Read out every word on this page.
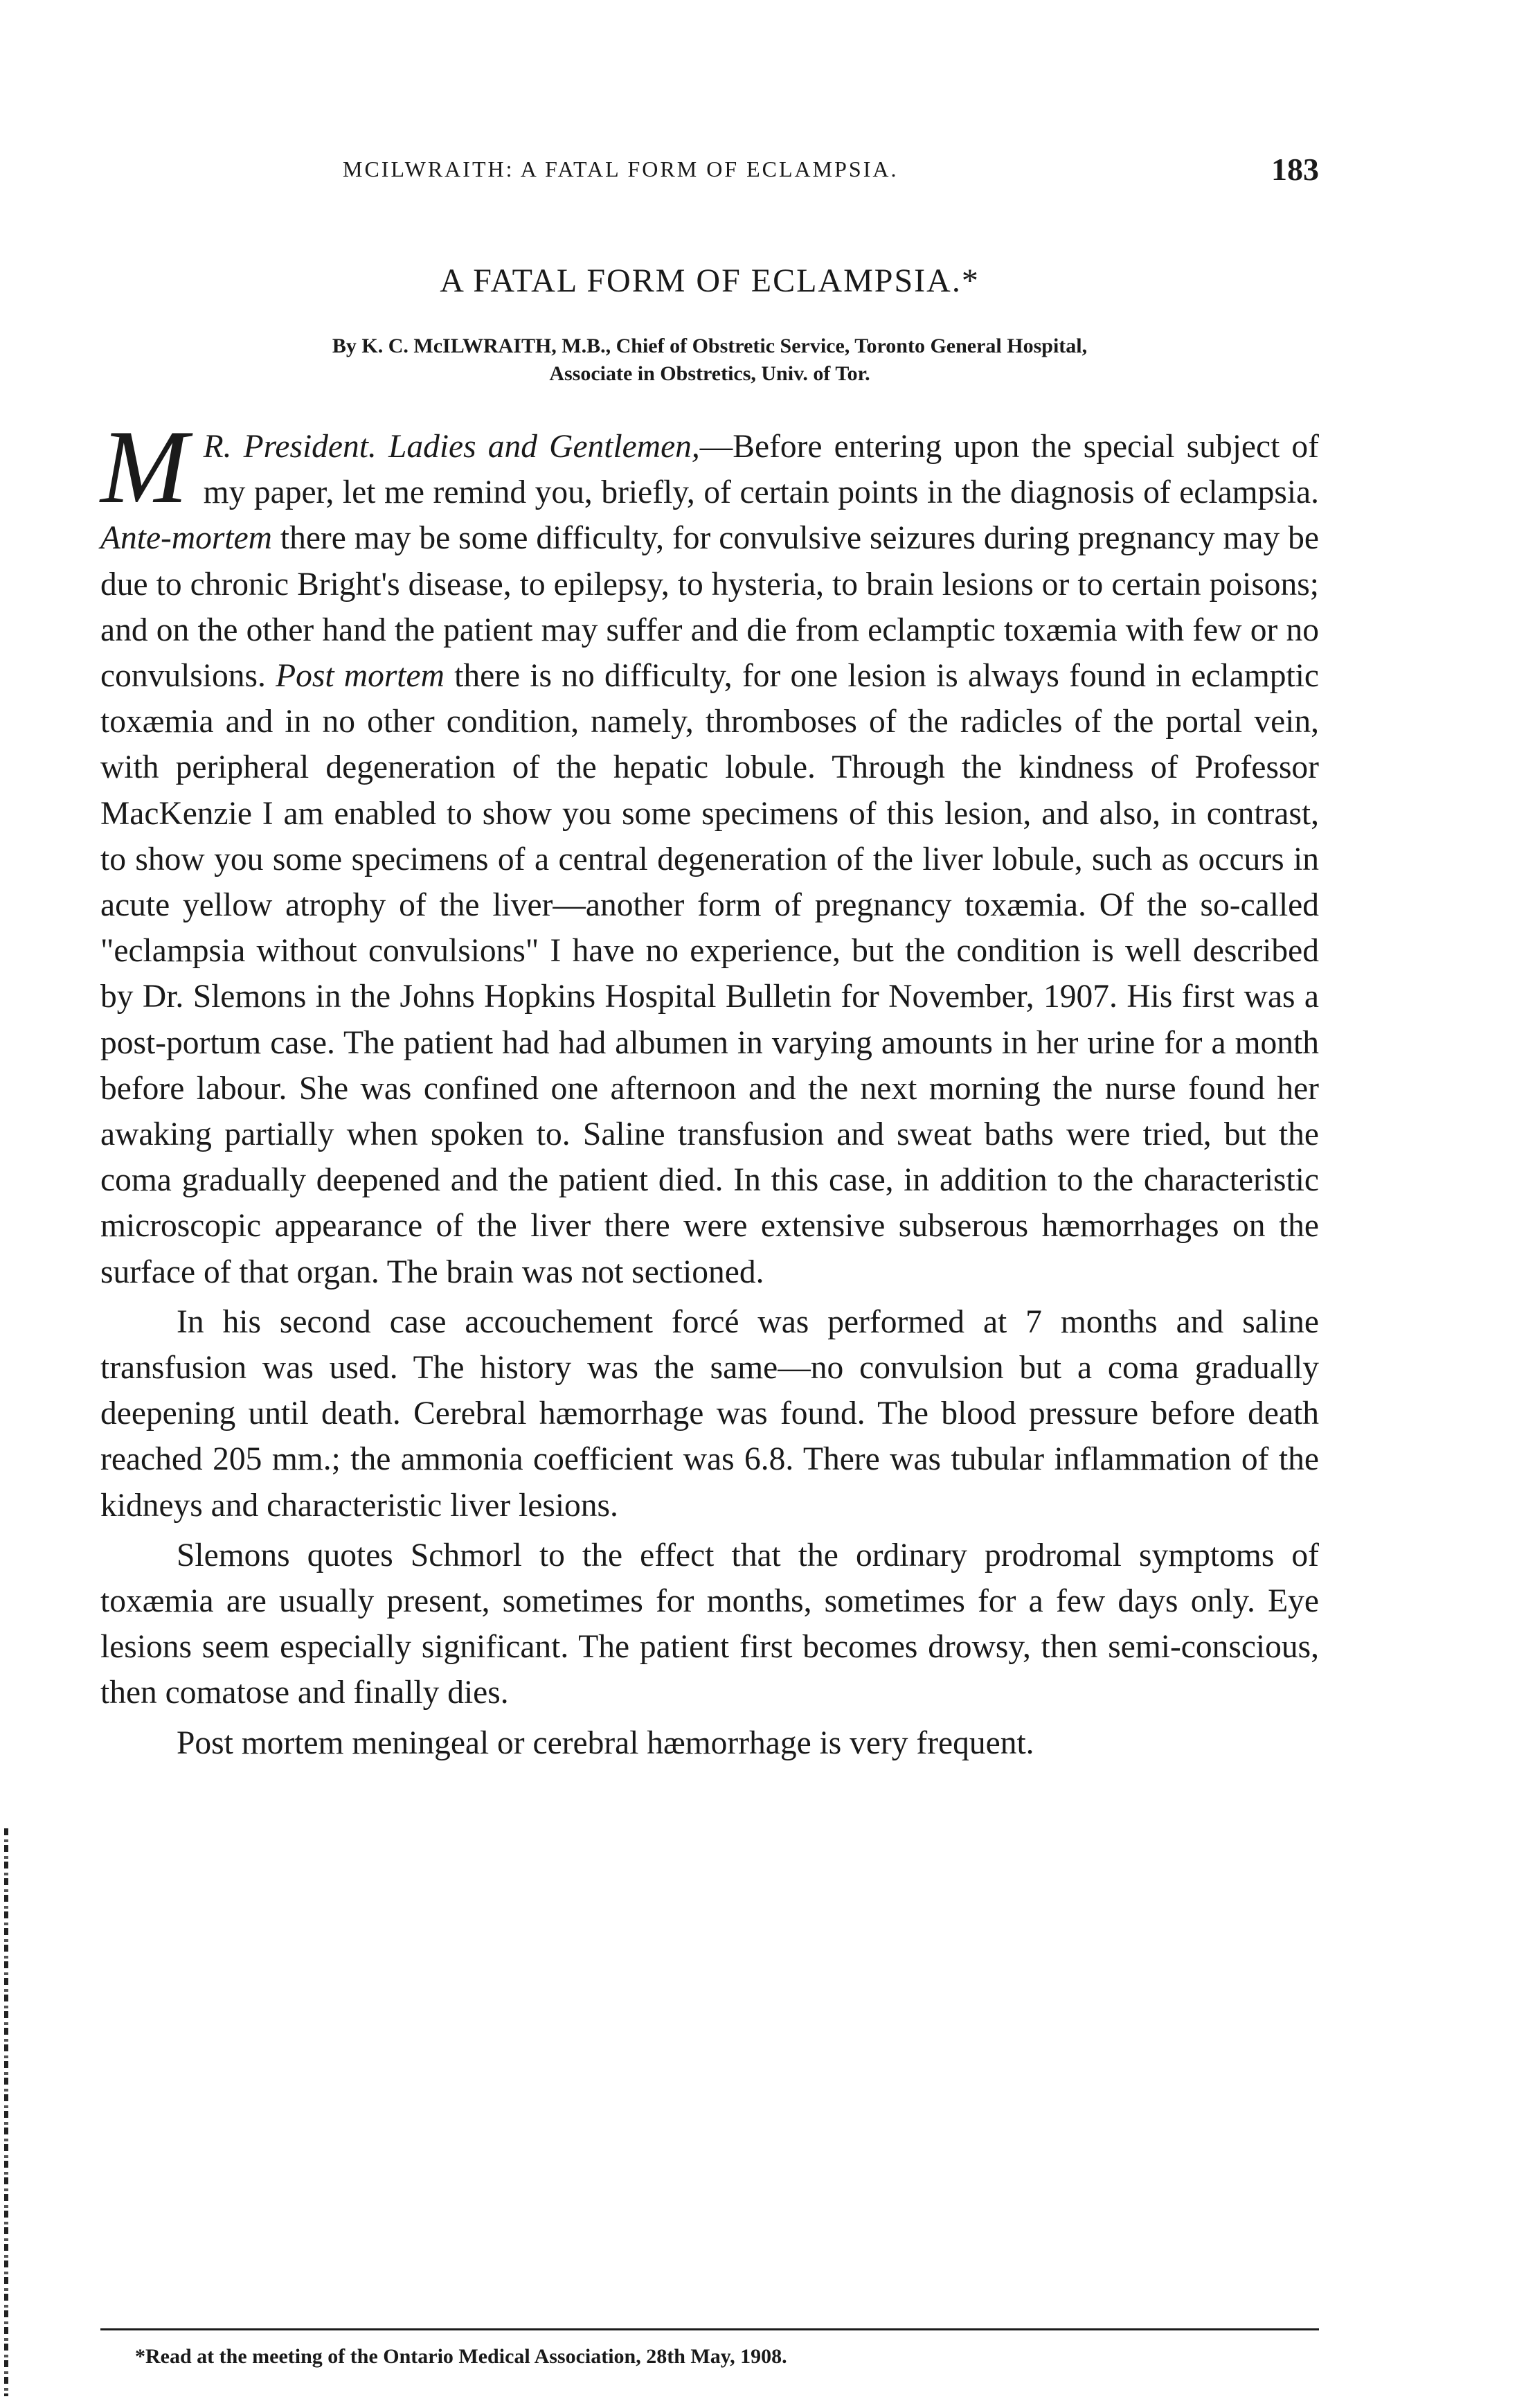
MCILWRAITH: A FATAL FORM OF ECLAMPSIA.	183
A FATAL FORM OF ECLAMPSIA.*
By K. C. McILWRAITH, M.B., Chief of Obstretic Service, Toronto General Hospital,
Associate in Obstretics, Univ. of Tor.

M R. President. Ladies and Gentlemen,—Before entering upon the special subject of my paper, let me remind you, briefly, of certain points in the diagnosis of eclampsia. Ante-mortem there may be some difficulty, for convulsive seizures during pregnancy may be due to chronic Bright's disease, to epilepsy, to hysteria, to brain lesions or to certain poisons; and on the other hand the patient may suffer and die from eclamptic toxæmia with few or no convulsions. Post mortem there is no difficulty, for one lesion is always found in eclamptic toxæmia and in no other condition, namely, thromboses of the radicles of the portal vein, with peripheral degeneration of the hepatic lobule. Through the kindness of Professor MacKenzie I am enabled to show you some specimens of this lesion, and also, in contrast, to show you some specimens of a central degeneration of the liver lobule, such as occurs in acute yellow atrophy of the liver—another form of pregnancy toxæmia. Of the so-called "eclampsia without convulsions" I have no experience, but the condition is well described by Dr. Slemons in the Johns Hopkins Hospital Bulletin for November, 1907. His first was a post-portum case. The patient had had albumen in varying amounts in her urine for a month before labour. She was confined one afternoon and the next morning the nurse found her awaking partially when spoken to. Saline transfusion and sweat baths were tried, but the coma gradually deepened and the patient died. In this case, in addition to the characteristic microscopic appearance of the liver there were extensive subserous hæmorrhages on the surface of that organ. The brain was not sectioned.

In his second case accouchement forcé was performed at 7 months and saline transfusion was used. The history was the same—no convulsion but a coma gradually deepening until death. Cerebral hæmorrhage was found. The blood pressure before death reached 205 mm.; the ammonia coefficient was 6.8. There was tubular inflammation of the kidneys and characteristic liver lesions.

Slemons quotes Schmorl to the effect that the ordinary prodromal symptoms of toxæmia are usually present, sometimes for months, sometimes for a few days only. Eye lesions seem especially significant. The patient first becomes drowsy, then semi-conscious, then comatose and finally dies.

Post mortem meningeal or cerebral hæmorrhage is very frequent.

*Read at the meeting of the Ontario Medical Association, 28th May, 1908.
